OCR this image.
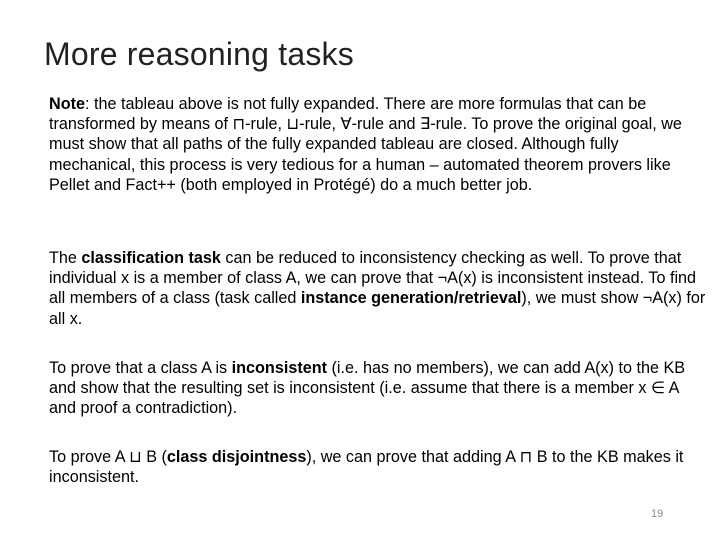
More reasoning tasks
Note: the tableau above is not fully expanded. There are more formulas that can be transformed by means of ⊓-rule, ⊔-rule, ∀-rule and ∃-rule. To prove the original goal, we must show that all paths of the fully expanded tableau are closed. Although fully mechanical, this process is very tedious for a human – automated theorem provers like Pellet and Fact++ (both employed in Protégé) do a much better job.
The classification task can be reduced to inconsistency checking as well. To prove that individual x is a member of class A, we can prove that ¬A(x) is inconsistent instead. To find all members of a class (task called instance generation/retrieval), we must show ¬A(x) for all x.
To prove that a class A is inconsistent (i.e. has no members), we can add A(x) to the KB and show that the resulting set is inconsistent (i.e. assume that there is a member x ∈ A and proof a contradiction).
To prove A ⊔ B (class disjointness), we can prove that adding A ⊓ B to the KB makes it inconsistent.
19
